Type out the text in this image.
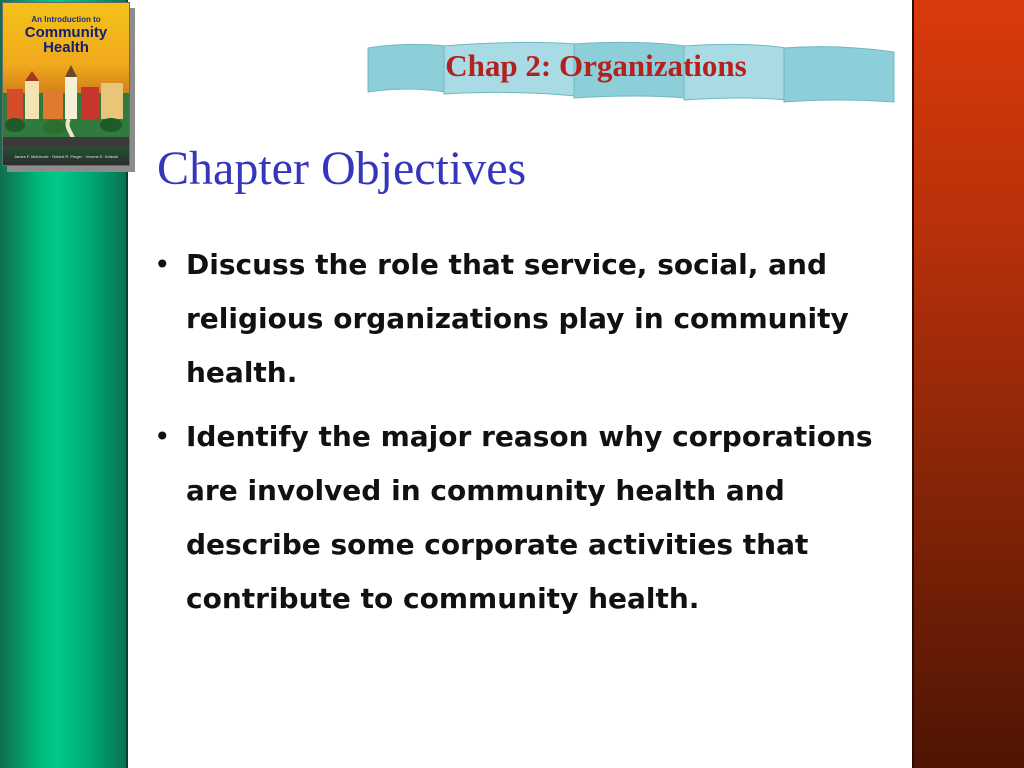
An Introduction to
Community
Health
James F. McKenzie · Robert R. Pinger · Jerome E. Kotecki
Chap 2: Organizations
Chapter Objectives
• Discuss the role that service, social, and religious organizations play in community health.
• Identify the major reason why corporations are involved in community health and describe some corporate activities that contribute to community health.
